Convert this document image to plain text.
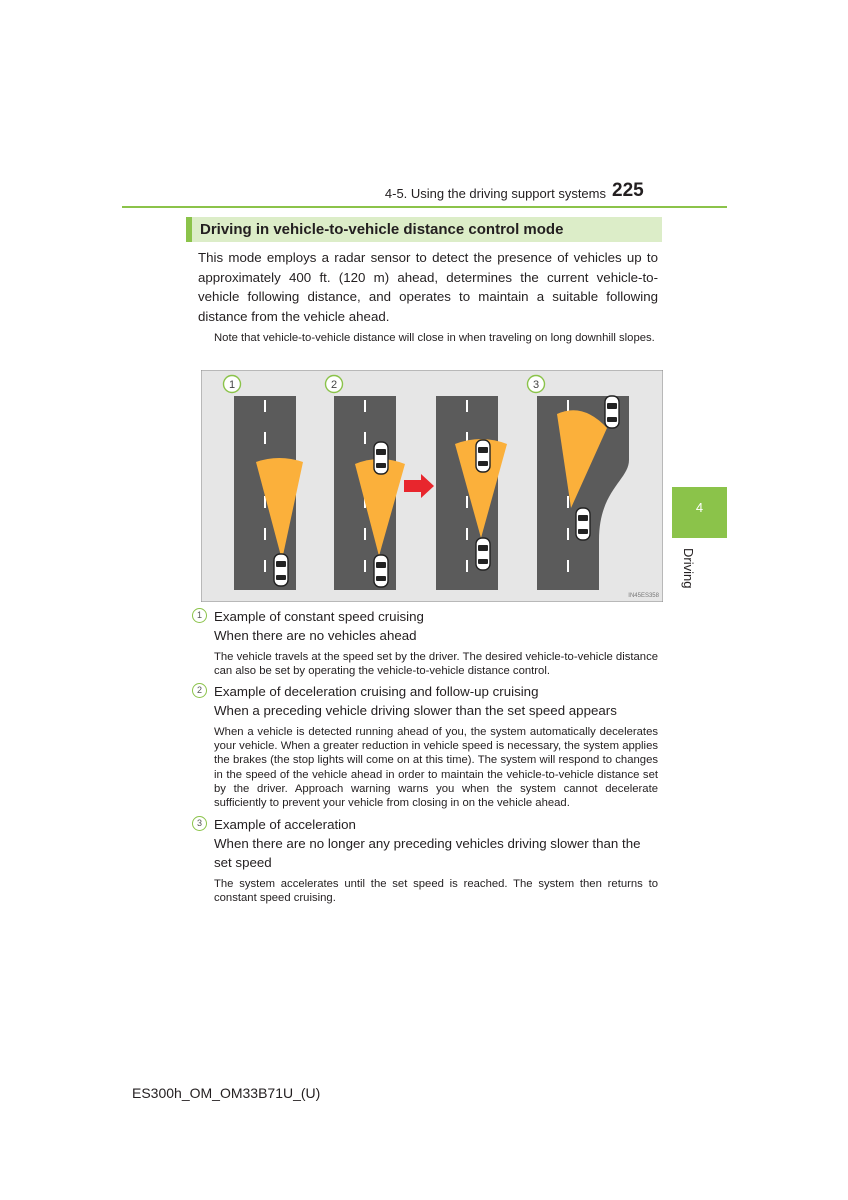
4-5. Using the driving support systems 225
4
Driving
Driving in vehicle-to-vehicle distance control mode

This mode employs a radar sensor to detect the presence of vehicles up to approximately 400 ft. (120 m) ahead, determines the current vehicle-to-vehicle following distance, and operates to maintain a suitable following distance from the vehicle ahead.

Note that vehicle-to-vehicle distance will close in when traveling on long downhill slopes.

1	2	3
IN45ES358
1 Example of constant speed cruising
When there are no vehicles ahead

The vehicle travels at the speed set by the driver. The desired vehicle-to-vehicle distance can also be set by operating the vehicle-to-vehicle distance control.

2 Example of deceleration cruising and follow-up cruising
When a preceding vehicle driving slower than the set speed appears

When a vehicle is detected running ahead of you, the system automatically decelerates your vehicle. When a greater reduction in vehicle speed is necessary, the system applies the brakes (the stop lights will come on at this time). The system will respond to changes in the speed of the vehicle ahead in order to maintain the vehicle-to-vehicle distance set by the driver. Approach warning warns you when the system cannot decelerate sufficiently to prevent your vehicle from closing in on the vehicle ahead.

3 Example of acceleration
When there are no longer any preceding vehicles driving slower than the set speed

The system accelerates until the set speed is reached. The system then returns to constant speed cruising.

ES300h_OM_OM33B71U_(U)
